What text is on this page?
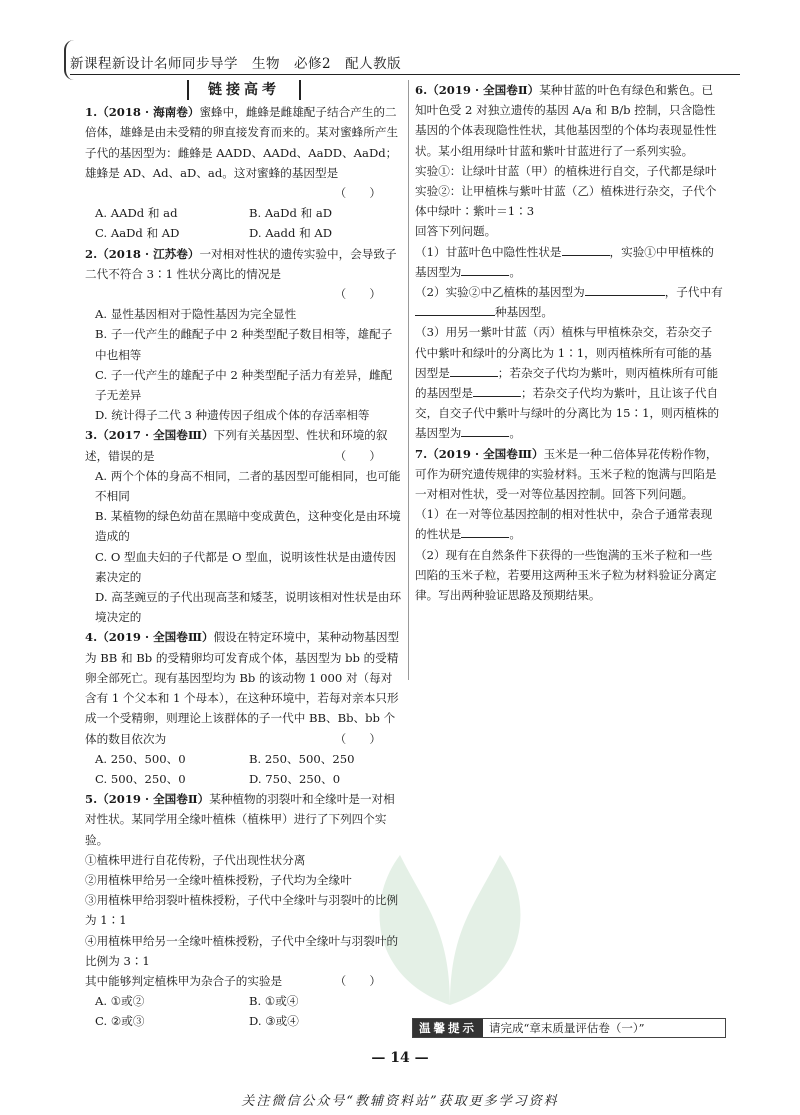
新课程新设计名师同步导学　生物　必修2　配人教版
链接高考
1.（2018 · 海南卷）蜜蜂中，雌蜂是雌雄配子结合产生的二倍体，雄蜂是由未受精的卵直接发育而来的。某对蜜蜂所产生子代的基因型为：雌蜂是 AADD、AADd、AaDD、AaDd；雄蜂是 AD、Ad、aD、ad。这对蜜蜂的基因型是
（　　）

A. AADd 和 ad	B. AaDd 和 aD
C. AaDd 和 AD	D. Aadd 和 AD
2.（2018 · 江苏卷）一对相对性状的遗传实验中，会导致子二代不符合 3∶1 性状分离比的情况是
（　　）

A. 显性基因相对于隐性基因为完全显性
B. 子一代产生的雌配子中 2 种类型配子数目相等，雄配子中也相等
C. 子一代产生的雄配子中 2 种类型配子活力有差异，雌配子无差异
D. 统计得子二代 3 种遗传因子组成个体的存活率相等
3.（2017 · 全国卷Ⅲ）下列有关基因型、性状和环境的叙述，错误的是	（　　）
A. 两个个体的身高不相同，二者的基因型可能相同，也可能不相同
B. 某植物的绿色幼苗在黑暗中变成黄色，这种变化是由环境造成的
C. O 型血夫妇的子代都是 O 型血，说明该性状是由遗传因素决定的
D. 高茎豌豆的子代出现高茎和矮茎，说明该相对性状是由环境决定的
4.（2019 · 全国卷Ⅲ）假设在特定环境中，某种动物基因型为 BB 和 Bb 的受精卵均可发育成个体，基因型为 bb 的受精卵全部死亡。现有基因型均为 Bb 的该动物 1 000 对（每对含有 1 个父本和 1 个母本），在这种环境中，若每对亲本只形成一个受精卵，则理论上该群体的子一代中 BB、Bb、bb 个体的数目依次为	（　　）
A. 250、500、0	B. 250、500、250
C. 500、250、0	D. 750、250、0
5.（2019 · 全国卷Ⅱ）某种植物的羽裂叶和全缘叶是一对相对性状。某同学用全缘叶植株（植株甲）进行了下列四个实验。
①植株甲进行自花传粉，子代出现性状分离
②用植株甲给另一全缘叶植株授粉，子代均为全缘叶
③用植株甲给羽裂叶植株授粉，子代中全缘叶与羽裂叶的比例为 1∶1
④用植株甲给另一全缘叶植株授粉，子代中全缘叶与羽裂叶的比例为 3∶1
其中能够判定植株甲为杂合子的实验是	（　　）
A. ①或②	B. ①或④
C. ②或③	D. ③或④
6.（2019 · 全国卷Ⅱ）某种甘蓝的叶色有绿色和紫色。已知叶色受 2 对独立遗传的基因 A/a 和 B/b 控制，只含隐性基因的个体表现隐性性状，其他基因型的个体均表现显性性状。某小组用绿叶甘蓝和紫叶甘蓝进行了一系列实验。
实验①：让绿叶甘蓝（甲）的植株进行自交，子代都是绿叶
实验②：让甲植株与紫叶甘蓝（乙）植株进行杂交，子代个体中绿叶∶紫叶＝1∶3
回答下列问题。
（1）甘蓝叶色中隐性性状是	，实验①中甲植株的基因型为	。
（2）实验②中乙植株的基因型为	，子代中有
种基因型。
（3）用另一紫叶甘蓝（丙）植株与甲植株杂交，若杂交子代中紫叶和绿叶的分离比为 1∶1，则丙植株所有可能的基因型是	；若杂交子代均为紫叶，则丙植株所有可能的基因型是	；若杂交子代均为紫叶，且让该子代自交，自交子代中紫叶与绿叶的分离比为 15∶1，则丙植株的基因型为	。
7.（2019 · 全国卷Ⅲ）玉米是一种二倍体异花传粉作物，可作为研究遗传规律的实验材料。玉米子粒的饱满与凹陷是一对相对性状，受一对等位基因控制。回答下列问题。
（1）在一对等位基因控制的相对性状中，杂合子通常表现的性状是	。
（2）现有在自然条件下获得的一些饱满的玉米子粒和一些凹陷的玉米子粒，若要用这两种玉米子粒为材料验证分离定律。写出两种验证思路及预期结果。
温馨提示	请完成“章末质量评估卷（一）”
— 14 —
关注微信公众号“教辅资料站”获取更多学习资料
